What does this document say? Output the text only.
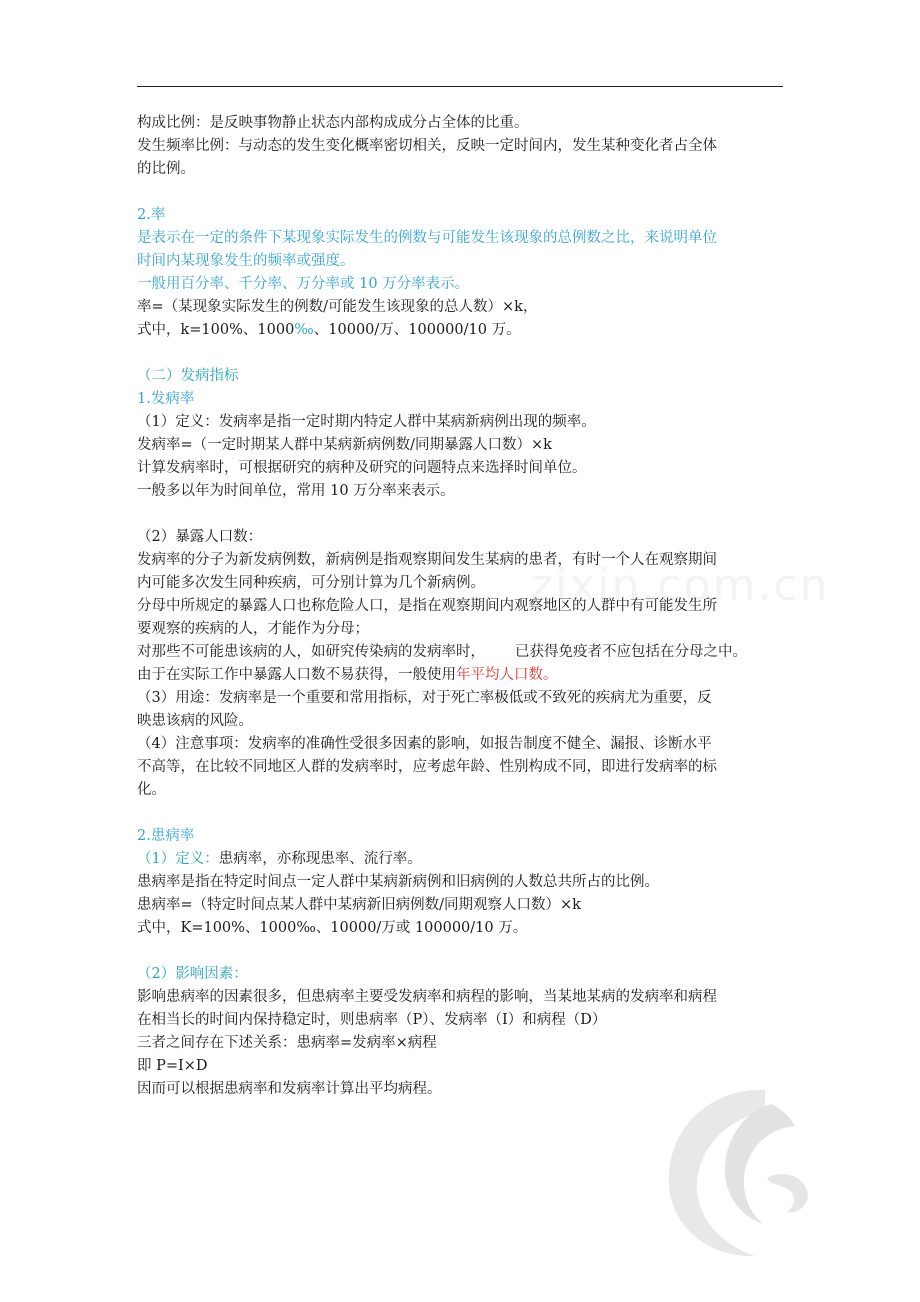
zixin.com.cn

构成比例：是反映事物静止状态内部构成成分占全体的比重。

发生频率比例：与动态的发生变化概率密切相关，反映一定时间内，发生某种变化者占全体

的比例。

2.率

是表示在一定的条件下某现象实际发生的例数与可能发生该现象的总例数之比，来说明单位

时间内某现象发生的频率或强度。

一般用百分率、千分率、万分率或 10 万分率表示。

率=（某现象实际发生的例数/可能发生该现象的总人数）×k，

式中，k=100%、1000‰、10000/万、100000/10 万。

（二）发病指标

1.发病率

（1）定义：发病率是指一定时期内特定人群中某病新病例出现的频率。

发病率=（一定时期某人群中某病新病例数/同期暴露人口数）×k

计算发病率时，可根据研究的病种及研究的问题特点来选择时间单位。

一般多以年为时间单位，常用 10 万分率来表示。

（2）暴露人口数：

发病率的分子为新发病例数，新病例是指观察期间发生某病的患者，有时一个人在观察期间

内可能多次发生同种疾病，可分别计算为几个新病例。

分母中所规定的暴露人口也称危险人口，是指在观察期间内观察地区的人群中有可能发生所

要观察的疾病的人，才能作为分母；

对那些不可能患该病的人，如研究传染病的发病率时， 已获得免疫者不应包括在分母之中。

由于在实际工作中暴露人口数不易获得，一般使用年平均人口数。

（3）用途：发病率是一个重要和常用指标，对于死亡率极低或不致死的疾病尤为重要，反

映患该病的风险。

（4）注意事项：发病率的准确性受很多因素的影响，如报告制度不健全、漏报、诊断水平

不高等，在比较不同地区人群的发病率时，应考虑年龄、性别构成不同，即进行发病率的标

化。

2.患病率

（1）定义：患病率，亦称现患率、流行率。

患病率是指在特定时间点一定人群中某病新病例和旧病例的人数总共所占的比例。

患病率=（特定时间点某人群中某病新旧病例数/同期观察人口数）×k

式中，K=100%、1000‰、10000/万或 100000/10 万。

（2）影响因素：

影响患病率的因素很多，但患病率主要受发病率和病程的影响，当某地某病的发病率和病程

在相当长的时间内保持稳定时，则患病率（P）、发病率（I）和病程（D）

三者之间存在下述关系：患病率=发病率×病程

即 P=I×D

因而可以根据患病率和发病率计算出平均病程。
